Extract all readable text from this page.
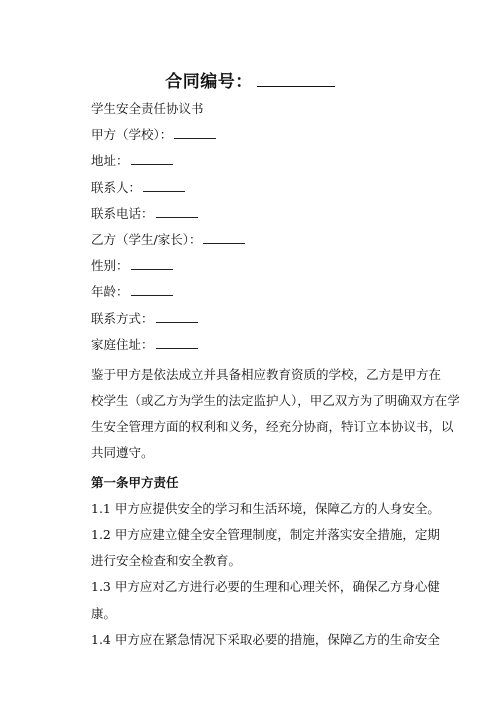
合同编号：
学生安全责任协议书
甲方（学校）：
地址：
联系人：
联系电话：
乙方（学生/家长）：
性别：
年龄：
联系方式：
家庭住址：
鉴于甲方是依法成立并具备相应教育资质的学校，乙方是甲方在
校学生（或乙方为学生的法定监护人），甲乙双方为了明确双方在学
生安全管理方面的权利和义务，经充分协商，特订立本协议书，以
共同遵守。
第一条甲方责任
1.1 甲方应提供安全的学习和生活环境，保障乙方的人身安全。
1.2 甲方应建立健全安全管理制度，制定并落实安全措施，定期
进行安全检查和安全教育。
1.3 甲方应对乙方进行必要的生理和心理关怀，确保乙方身心健
康。
1.4 甲方应在紧急情况下采取必要的措施，保障乙方的生命安全
